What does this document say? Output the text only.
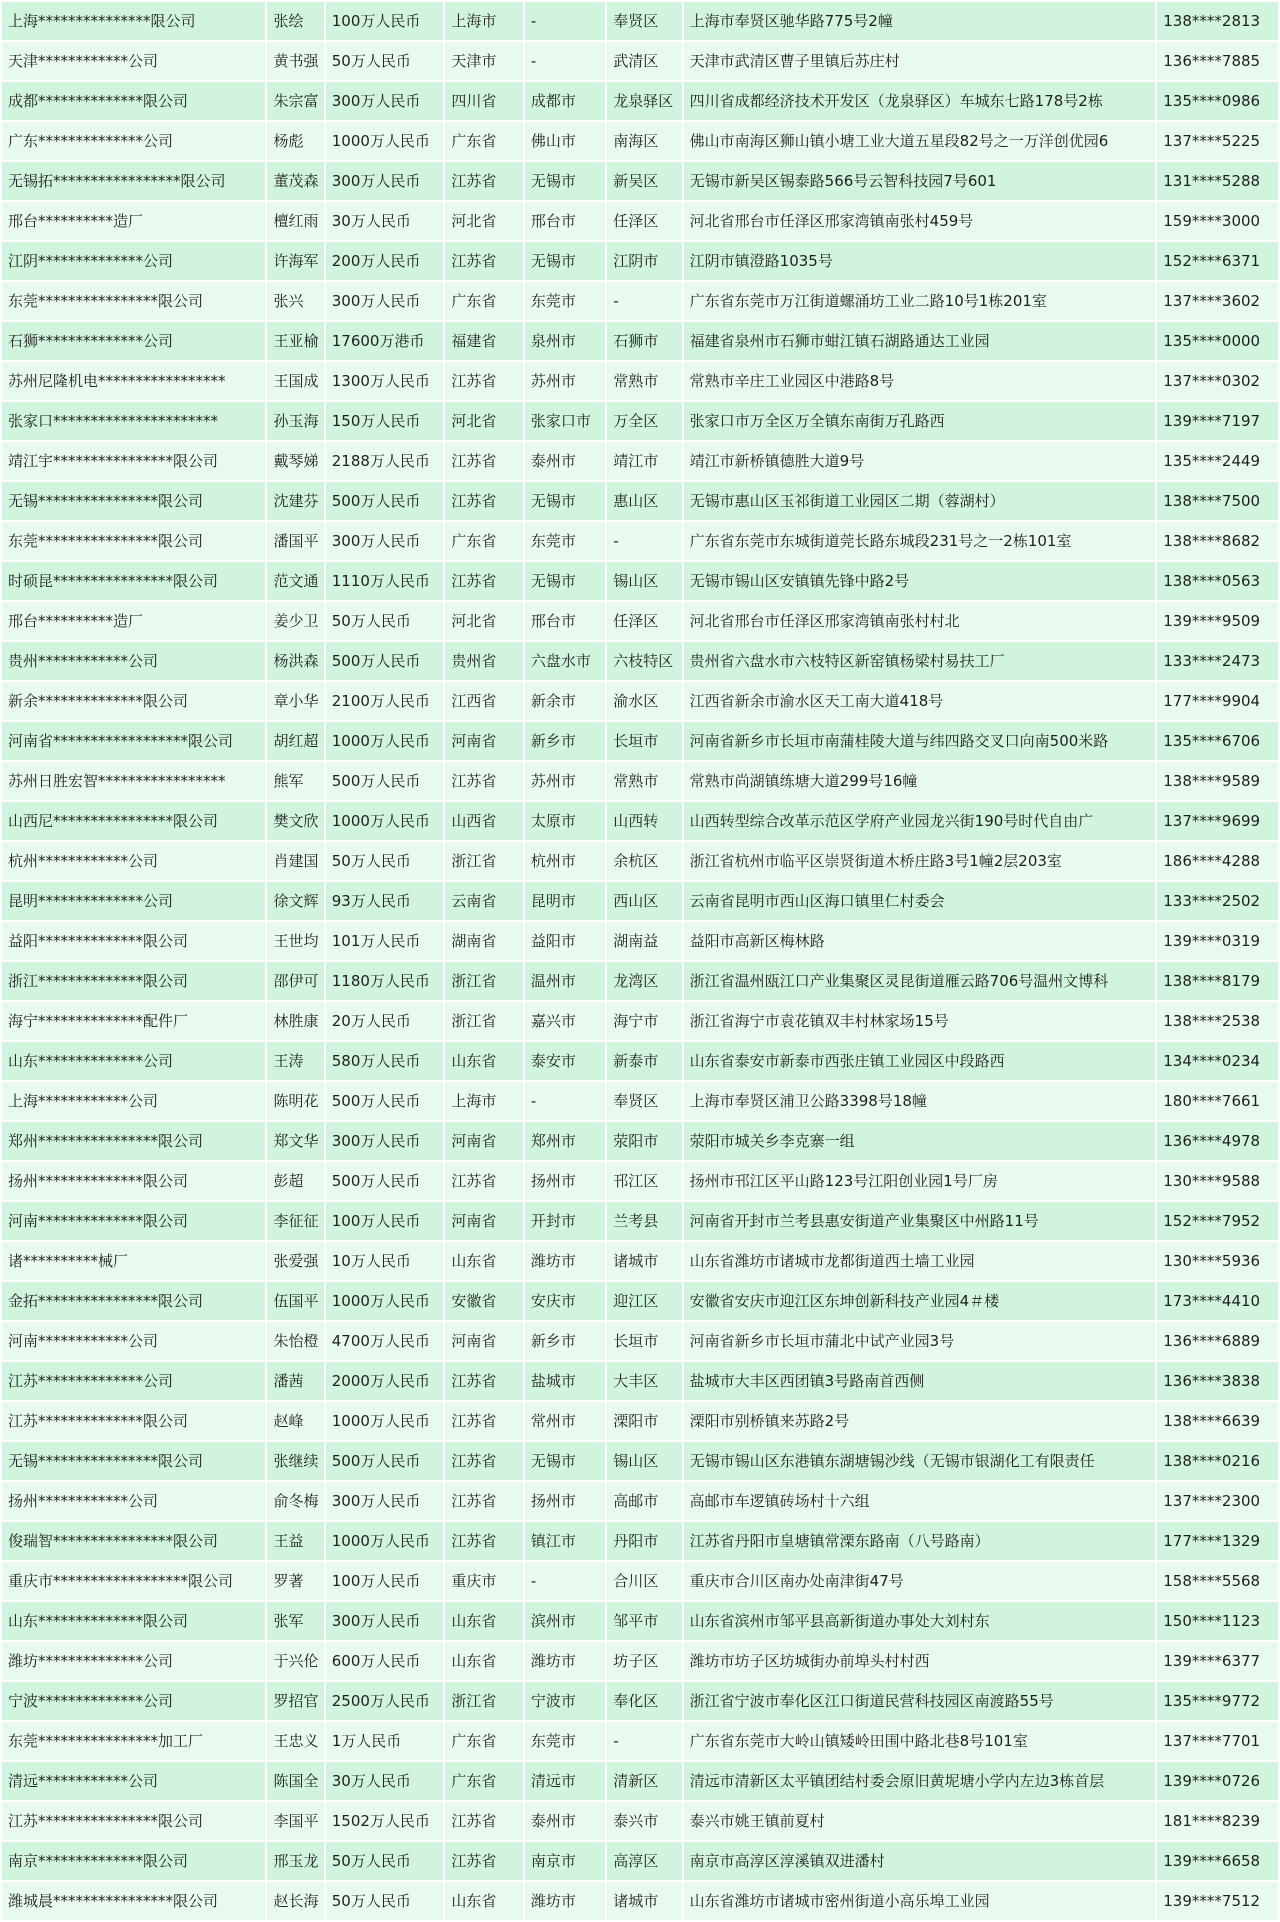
上海***************限公司	张绘	100万人民币	上海市	-	奉贤区	上海市奉贤区驰华路775号2幢	138****2813
天津************公司	黄书强	50万人民币	天津市	-	武清区	天津市武清区曹子里镇后苏庄村	136****7885
成都**************限公司	朱宗富	300万人民币	四川省	成都市	龙泉驿区	四川省成都经济技术开发区（龙泉驿区）车城东七路178号2栋	135****0986
广东**************公司	杨彪	1000万人民币	广东省	佛山市	南海区	佛山市南海区狮山镇小塘工业大道五星段82号之一万洋创优园6	137****5225
无锡拓*****************限公司	董茂森	300万人民币	江苏省	无锡市	新吴区	无锡市新吴区锡泰路566号云智科技园7号601	131****5288
邢台**********造厂	檀红雨	30万人民币	河北省	邢台市	任泽区	河北省邢台市任泽区邢家湾镇南张村459号	159****3000
江阴**************公司	许海军	200万人民币	江苏省	无锡市	江阴市	江阴市镇澄路1035号	152****6371
东莞****************限公司	张兴	300万人民币	广东省	东莞市	-	广东省东莞市万江街道螺涌坊工业二路10号1栋201室	137****3602
石狮**************公司	王亚榆	17600万港币	福建省	泉州市	石狮市	福建省泉州市石狮市蚶江镇石湖路通达工业园	135****0000
苏州尼隆机电*****************	王国成	1300万人民币	江苏省	苏州市	常熟市	常熟市辛庄工业园区中港路8号	137****0302
张家口**********************	孙玉海	150万人民币	河北省	张家口市	万全区	张家口市万全区万全镇东南街万孔路西	139****7197
靖江宇****************限公司	戴琴娣	2188万人民币	江苏省	泰州市	靖江市	靖江市新桥镇德胜大道9号	135****2449
无锡****************限公司	沈建芬	500万人民币	江苏省	无锡市	惠山区	无锡市惠山区玉祁街道工业园区二期（蓉湖村）	138****7500
东莞****************限公司	潘国平	300万人民币	广东省	东莞市	-	广东省东莞市东城街道莞长路东城段231号之一2栋101室	138****8682
时硕昆****************限公司	范文通	1110万人民币	江苏省	无锡市	锡山区	无锡市锡山区安镇镇先锋中路2号	138****0563
邢台**********造厂	姜少卫	50万人民币	河北省	邢台市	任泽区	河北省邢台市任泽区邢家湾镇南张村村北	139****9509
贵州************公司	杨洪森	500万人民币	贵州省	六盘水市	六枝特区	贵州省六盘水市六枝特区新窑镇杨梁村易扶工厂	133****2473
新余**************限公司	章小华	2100万人民币	江西省	新余市	渝水区	江西省新余市渝水区天工南大道418号	177****9904
河南省******************限公司	胡红超	1000万人民币	河南省	新乡市	长垣市	河南省新乡市长垣市南蒲桂陵大道与纬四路交叉口向南500米路	135****6706
苏州日胜宏智*****************	熊军	500万人民币	江苏省	苏州市	常熟市	常熟市尚湖镇练塘大道299号16幢	138****9589
山西尼****************限公司	樊文欣	1000万人民币	山西省	太原市	山西转	山西转型综合改革示范区学府产业园龙兴街190号时代自由广	137****9699
杭州************公司	肖建国	50万人民币	浙江省	杭州市	余杭区	浙江省杭州市临平区崇贤街道木桥庄路3号1幢2层203室	186****4288
昆明**************公司	徐文辉	93万人民币	云南省	昆明市	西山区	云南省昆明市西山区海口镇里仁村委会	133****2502
益阳**************限公司	王世均	101万人民币	湖南省	益阳市	湖南益	益阳市高新区梅林路	139****0319
浙江**************限公司	邵伊可	1180万人民币	浙江省	温州市	龙湾区	浙江省温州瓯江口产业集聚区灵昆街道雁云路706号温州文博科	138****8179
海宁**************配件厂	林胜康	20万人民币	浙江省	嘉兴市	海宁市	浙江省海宁市袁花镇双丰村林家场15号	138****2538
山东**************公司	王涛	580万人民币	山东省	泰安市	新泰市	山东省泰安市新泰市西张庄镇工业园区中段路西	134****0234
上海************公司	陈明花	500万人民币	上海市	-	奉贤区	上海市奉贤区浦卫公路3398号18幢	180****7661
郑州****************限公司	郑文华	300万人民币	河南省	郑州市	荥阳市	荥阳市城关乡李克寨一组	136****4978
扬州**************限公司	彭超	500万人民币	江苏省	扬州市	邗江区	扬州市邗江区平山路123号江阳创业园1号厂房	130****9588
河南**************限公司	李征征	100万人民币	河南省	开封市	兰考县	河南省开封市兰考县惠安街道产业集聚区中州路11号	152****7952
诸**********械厂	张爱强	10万人民币	山东省	潍坊市	诸城市	山东省潍坊市诸城市龙都街道西土墙工业园	130****5936
金拓****************限公司	伍国平	1000万人民币	安徽省	安庆市	迎江区	安徽省安庆市迎江区东坤创新科技产业园4＃楼	173****4410
河南************公司	朱怡橙	4700万人民币	河南省	新乡市	长垣市	河南省新乡市长垣市蒲北中试产业园3号	136****6889
江苏**************公司	潘茜	2000万人民币	江苏省	盐城市	大丰区	盐城市大丰区西团镇3号路南首西侧	136****3838
江苏**************限公司	赵峰	1000万人民币	江苏省	常州市	溧阳市	溧阳市别桥镇来苏路2号	138****6639
无锡****************限公司	张继续	500万人民币	江苏省	无锡市	锡山区	无锡市锡山区东港镇东湖塘锡沙线（无锡市银湖化工有限责任	138****0216
扬州************公司	俞冬梅	300万人民币	江苏省	扬州市	高邮市	高邮市车逻镇砖场村十六组	137****2300
俊瑞智****************限公司	王益	1000万人民币	江苏省	镇江市	丹阳市	江苏省丹阳市皇塘镇常溧东路南（八号路南）	177****1329
重庆市******************限公司	罗著	100万人民币	重庆市	-	合川区	重庆市合川区南办处南津街47号	158****5568
山东**************限公司	张军	300万人民币	山东省	滨州市	邹平市	山东省滨州市邹平县高新街道办事处大刘村东	150****1123
潍坊**************公司	于兴伦	600万人民币	山东省	潍坊市	坊子区	潍坊市坊子区坊城街办前埠头村村西	139****6377
宁波**************公司	罗招官	2500万人民币	浙江省	宁波市	奉化区	浙江省宁波市奉化区江口街道民营科技园区南渡路55号	135****9772
东莞****************加工厂	王忠义	1万人民币	广东省	东莞市	-	广东省东莞市大岭山镇矮岭田围中路北巷8号101室	137****7701
清远************公司	陈国全	30万人民币	广东省	清远市	清新区	清远市清新区太平镇团结村委会原旧黄坭塘小学内左边3栋首层	139****0726
江苏****************限公司	李国平	1502万人民币	江苏省	泰州市	泰兴市	泰兴市姚王镇前夏村	181****8239
南京**************限公司	邢玉龙	50万人民币	江苏省	南京市	高淳区	南京市高淳区淳溪镇双进潘村	139****6658
潍城晨****************限公司	赵长海	50万人民币	山东省	潍坊市	诸城市	山东省潍坊市诸城市密州街道小高乐埠工业园	139****7512
